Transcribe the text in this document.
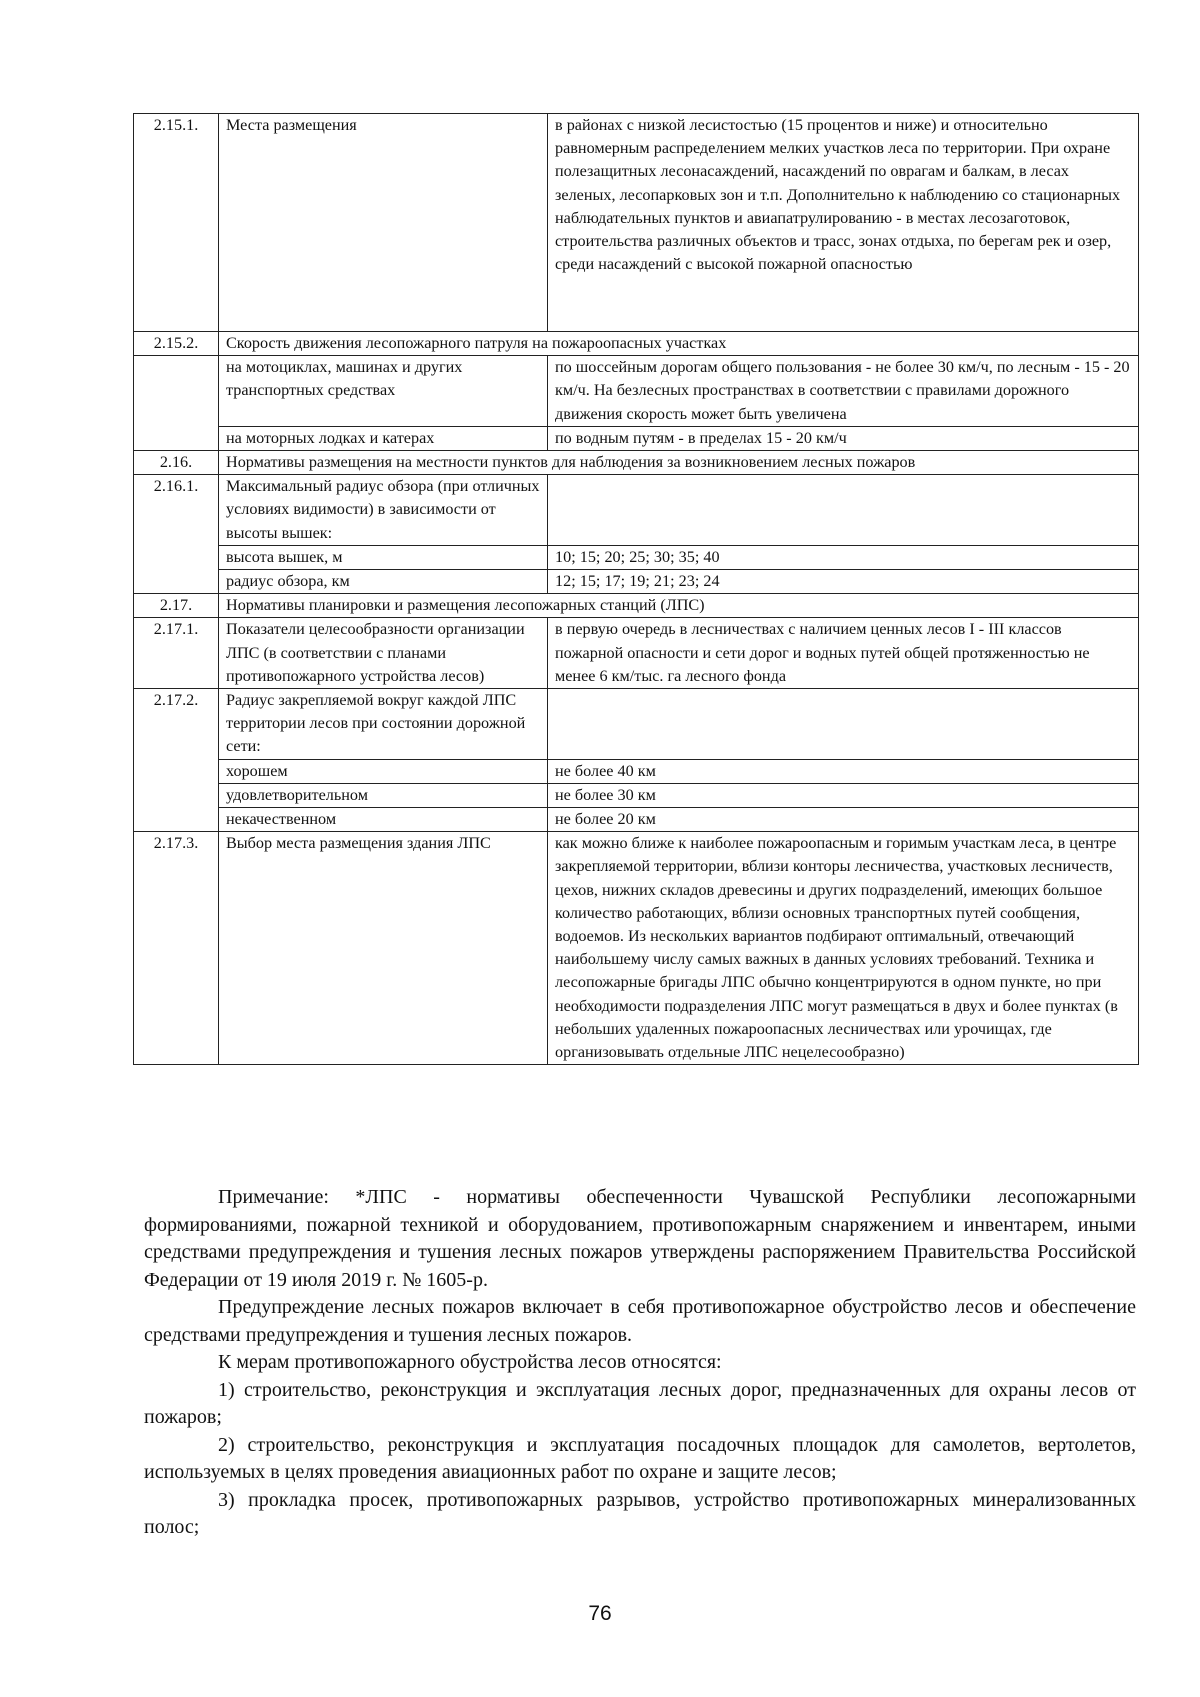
2.15.1.	Места размещения	в районах с низкой лесистостью (15 процентов и ниже) и относительно равномерным распределением мелких участков леса по территории. При охране полезащитных лесонасаждений, насаждений по оврагам и балкам, в лесах зеленых, лесопарковых зон и т.п. Дополнительно к наблюдению со стационарных наблюдательных пунктов и авиапатрулированию - в местах лесозаготовок, строительства различных объектов и трасс, зонах отдыха, по берегам рек и озер, среди насаждений с высокой пожарной опасностью
2.15.2.	Скорость движения лесопожарного патруля на пожароопасных участках	
	на мотоциклах, машинах и других транспортных средствах	по шоссейным дорогам общего пользования - не более 30 км/ч, по лесным - 15 - 20 км/ч. На безлесных пространствах в соответствии с правилами дорожного движения скорость может быть увеличена
	на моторных лодках и катерах	по водным путям - в пределах 15 - 20 км/ч
2.16.	Нормативы размещения на местности пунктов для наблюдения за возникновением лесных пожаров	
2.16.1.	Максимальный радиус обзора (при отличных условиях видимости) в зависимости от высоты вышек:	
	высота вышек, м	10; 15; 20; 25; 30; 35; 40
	радиус обзора, км	12; 15; 17; 19; 21; 23; 24
2.17.	Нормативы планировки и размещения лесопожарных станций (ЛПС)	
2.17.1.	Показатели целесообразности организации ЛПС (в соответствии с планами противопожарного устройства лесов)	в первую очередь в лесничествах с наличием ценных лесов I - III классов пожарной опасности и сети дорог и водных путей общей протяженностью не менее 6 км/тыс. га лесного фонда
2.17.2.	Радиус закрепляемой вокруг каждой ЛПС территории лесов при состоянии дорожной сети:	
	хорошем	не более 40 км
	удовлетворительном	не более 30 км
	некачественном	не более 20 км
2.17.3.	Выбор места размещения здания ЛПС	как можно ближе к наиболее пожароопасным и горимым участкам леса, в центре закрепляемой территории, вблизи конторы лесничества, участковых лесничеств, цехов, нижних складов древесины и других подразделений, имеющих большое количество работающих, вблизи основных транспортных путей сообщения, водоемов. Из нескольких вариантов подбирают оптимальный, отвечающий наибольшему числу самых важных в данных условиях требований. Техника и лесопожарные бригады ЛПС обычно концентрируются в одном пункте, но при необходимости подразделения ЛПС могут размещаться в двух и более пунктах (в небольших удаленных пожароопасных лесничествах или урочищах, где организовывать отдельные ЛПС нецелесообразно)

Примечание: *ЛПС - нормативы обеспеченности Чувашской Республики лесопожарными формированиями, пожарной техникой и оборудованием, противопожарным снаряжением и инвентарем, иными средствами предупреждения и тушения лесных пожаров утверждены распоряжением Правительства Российской Федерации от 19 июля 2019 г. № 1605-р.

Предупреждение лесных пожаров включает в себя противопожарное обустройство лесов и обеспечение средствами предупреждения и тушения лесных пожаров.

К мерам противопожарного обустройства лесов относятся:

1) строительство, реконструкция и эксплуатация лесных дорог, предназначенных для охраны лесов от пожаров;

2) строительство, реконструкция и эксплуатация посадочных площадок для самолетов, вертолетов, используемых в целях проведения авиационных работ по охране и защите лесов;

3) прокладка просек, противопожарных разрывов, устройство противопожарных минерализованных полос;

76
